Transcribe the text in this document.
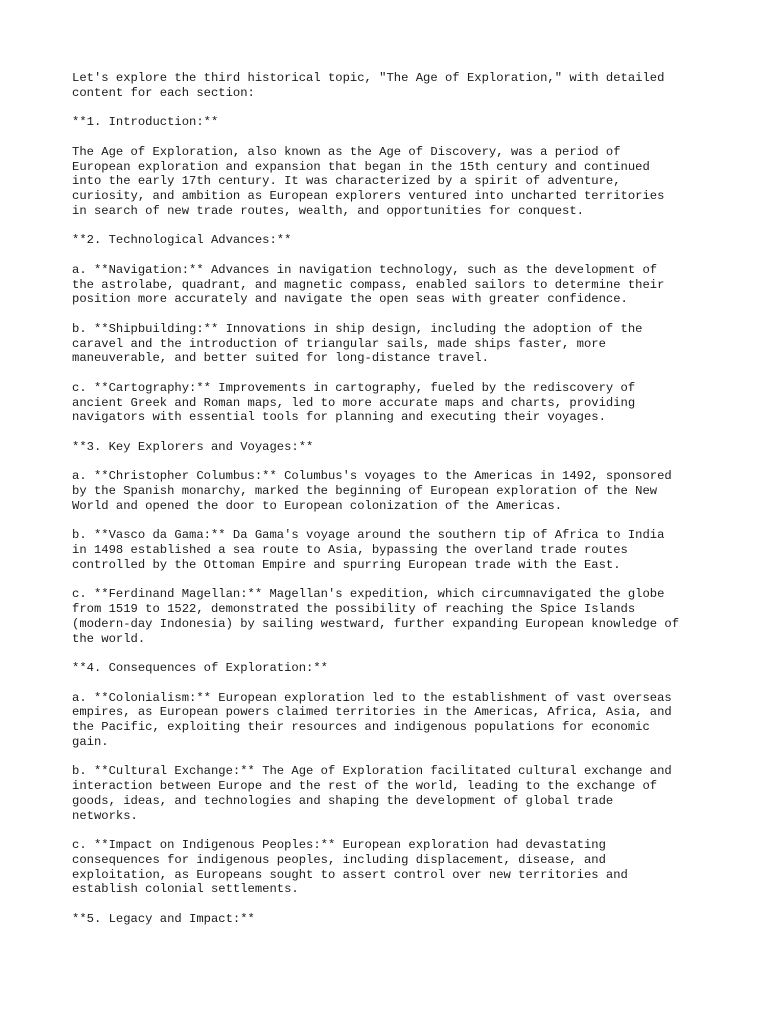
Let's explore the third historical topic, "The Age of Exploration," with detailed
content for each section:

**1. Introduction:**

The Age of Exploration, also known as the Age of Discovery, was a period of
European exploration and expansion that began in the 15th century and continued
into the early 17th century. It was characterized by a spirit of adventure,
curiosity, and ambition as European explorers ventured into uncharted territories
in search of new trade routes, wealth, and opportunities for conquest.

**2. Technological Advances:**

a. **Navigation:** Advances in navigation technology, such as the development of
the astrolabe, quadrant, and magnetic compass, enabled sailors to determine their
position more accurately and navigate the open seas with greater confidence.

b. **Shipbuilding:** Innovations in ship design, including the adoption of the
caravel and the introduction of triangular sails, made ships faster, more
maneuverable, and better suited for long-distance travel.

c. **Cartography:** Improvements in cartography, fueled by the rediscovery of
ancient Greek and Roman maps, led to more accurate maps and charts, providing
navigators with essential tools for planning and executing their voyages.

**3. Key Explorers and Voyages:**

a. **Christopher Columbus:** Columbus's voyages to the Americas in 1492, sponsored
by the Spanish monarchy, marked the beginning of European exploration of the New
World and opened the door to European colonization of the Americas.

b. **Vasco da Gama:** Da Gama's voyage around the southern tip of Africa to India
in 1498 established a sea route to Asia, bypassing the overland trade routes
controlled by the Ottoman Empire and spurring European trade with the East.

c. **Ferdinand Magellan:** Magellan's expedition, which circumnavigated the globe
from 1519 to 1522, demonstrated the possibility of reaching the Spice Islands
(modern-day Indonesia) by sailing westward, further expanding European knowledge of
the world.

**4. Consequences of Exploration:**

a. **Colonialism:** European exploration led to the establishment of vast overseas
empires, as European powers claimed territories in the Americas, Africa, Asia, and
the Pacific, exploiting their resources and indigenous populations for economic
gain.

b. **Cultural Exchange:** The Age of Exploration facilitated cultural exchange and
interaction between Europe and the rest of the world, leading to the exchange of
goods, ideas, and technologies and shaping the development of global trade
networks.

c. **Impact on Indigenous Peoples:** European exploration had devastating
consequences for indigenous peoples, including displacement, disease, and
exploitation, as Europeans sought to assert control over new territories and
establish colonial settlements.

**5. Legacy and Impact:**
